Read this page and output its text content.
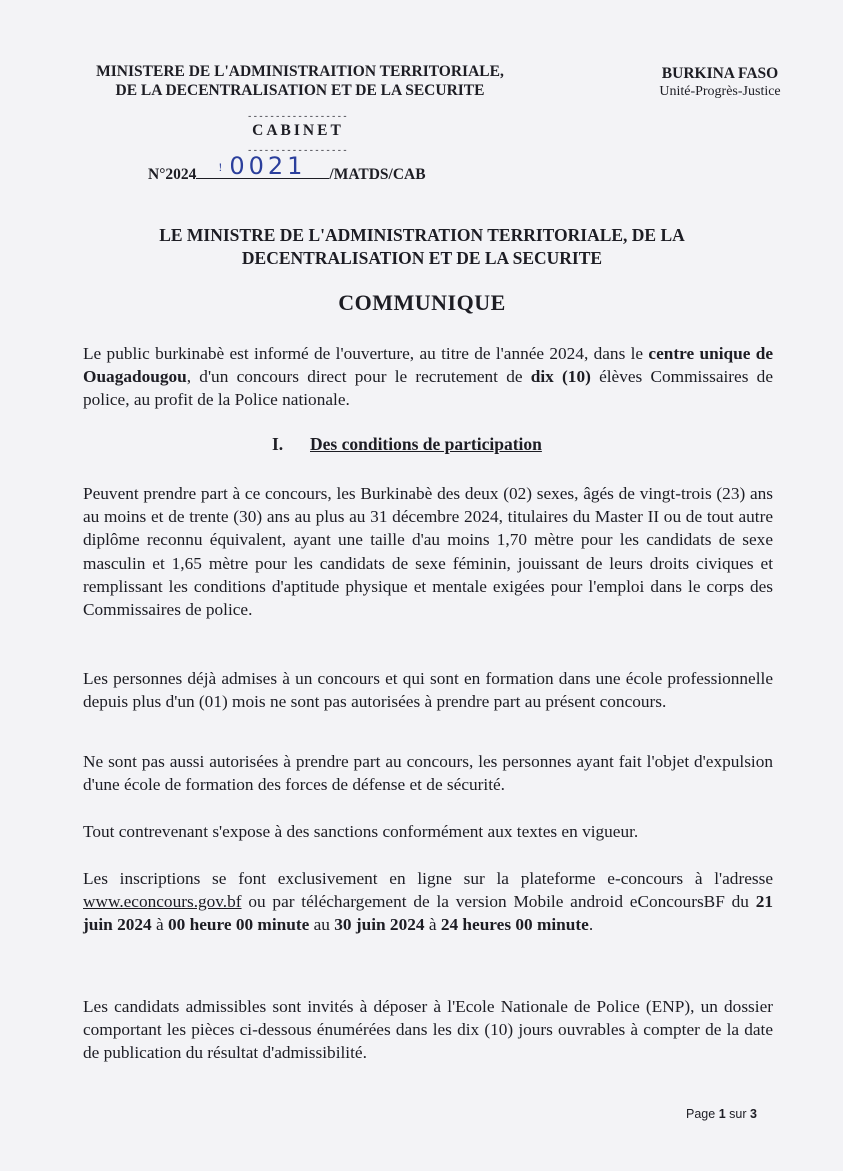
MINISTERE DE L'ADMINISTRAITION TERRITORIALE,
DE LA DECENTRALISATION ET DE LA SECURITE
BURKINA FASO
Unité-Progrès-Justice
------------------
CABINET
------------------
N°2024 ! 0021	/MATDS/CAB
LE MINISTRE DE L'ADMINISTRATION TERRITORIALE, DE LA
DECENTRALISATION ET DE LA SECURITE
COMMUNIQUE
Le public burkinabè est informé de l'ouverture, au titre de l'année 2024, dans le centre unique de Ouagadougou, d'un concours direct pour le recrutement de dix (10) élèves Commissaires de police, au profit de la Police nationale.
I. Des conditions de participation
Peuvent prendre part à ce concours, les Burkinabè des deux (02) sexes, âgés de vingt-trois (23) ans au moins et de trente (30) ans au plus au 31 décembre 2024, titulaires du Master II ou de tout autre diplôme reconnu équivalent, ayant une taille d'au moins 1,70 mètre pour les candidats de sexe masculin et 1,65 mètre pour les candidats de sexe féminin, jouissant de leurs droits civiques et remplissant les conditions d'aptitude physique et mentale exigées pour l'emploi dans le corps des Commissaires de police.
Les personnes déjà admises à un concours et qui sont en formation dans une école professionnelle depuis plus d'un (01) mois ne sont pas autorisées à prendre part au présent concours.
Ne sont pas aussi autorisées à prendre part au concours, les personnes ayant fait l'objet d'expulsion d'une école de formation des forces de défense et de sécurité.
Tout contrevenant s'expose à des sanctions conformément aux textes en vigueur.
Les inscriptions se font exclusivement en ligne sur la plateforme e-concours à l'adresse www.econcours.gov.bf ou par téléchargement de la version Mobile android eConcoursBF du 21 juin 2024 à 00 heure 00 minute au 30 juin 2024 à 24 heures 00 minute.
Les candidats admissibles sont invités à déposer à l'Ecole Nationale de Police (ENP), un dossier comportant les pièces ci-dessous énumérées dans les dix (10) jours ouvrables à compter de la date de publication du résultat d'admissibilité.
Page 1 sur 3
